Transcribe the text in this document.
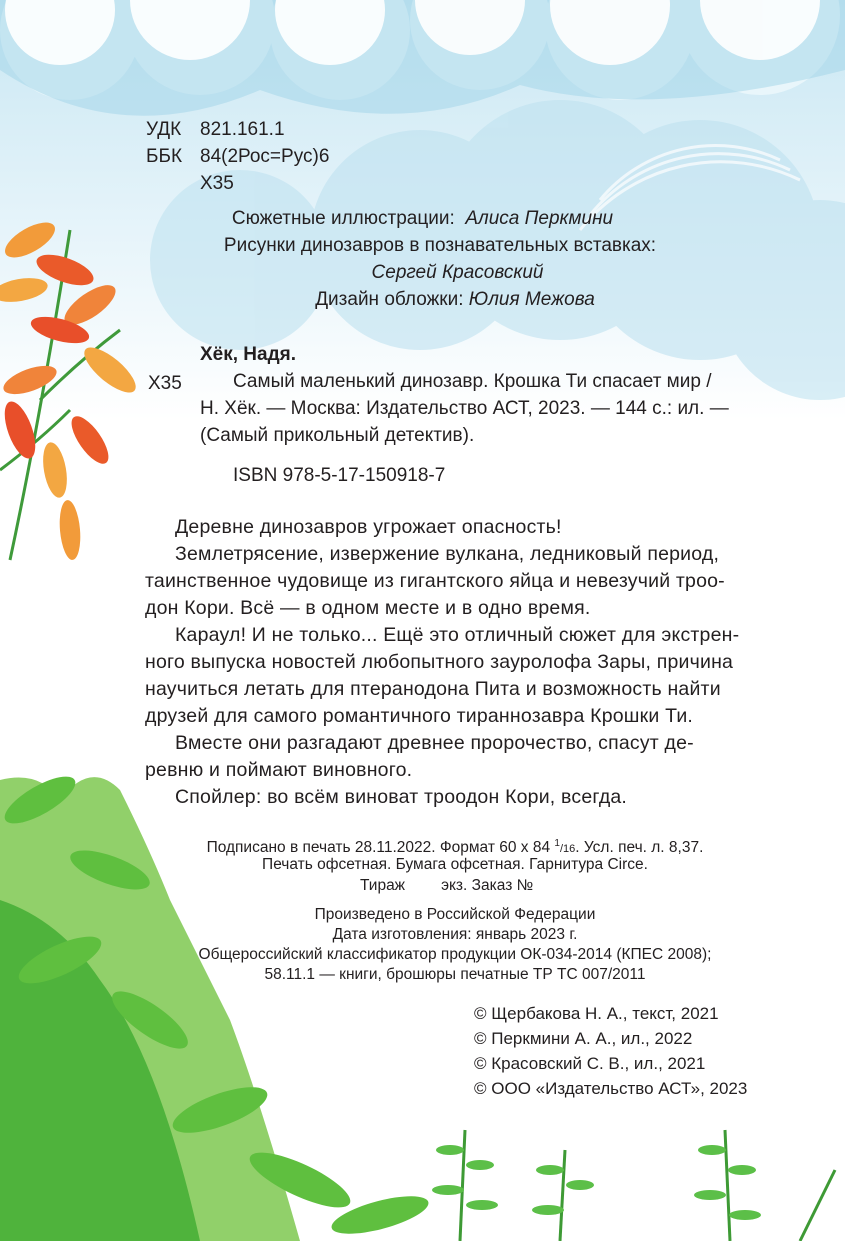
УДК 821.161.1
ББК 84(2Рос=Рус)6
Х35
Сюжетные иллюстрации: Алиса Перкмини
Рисунки динозавров в познавательных вставках:
Сергей Красовский
Дизайн обложки: Юлия Межова
Хёк, Надя.
Х35	Самый маленький динозавр. Крошка Ти спасает мир /
Н. Хёк. — Москва: Издательство АСТ, 2023. — 144 с.: ил. —
(Самый прикольный детектив).
ISBN 978-5-17-150918-7
Деревне динозавров угрожает опасность!
Землетрясение, извержение вулкана, ледниковый период,
таинственное чудовище из гигантского яйца и невезучий трoo-
дон Кори. Всё — в одном месте и в одно время.
Караул! И не только... Ещё это отличный сюжет для экстрен-
ного выпуска новостей любопытного зауролофа Зары, причина
научиться летать для птеранодона Пита и возможность найти
друзей для самого романтичного тираннозавра Крошки Ти.
Вместе они разгадают древнее пророчество, спасут де-
ревню и поймают виновного.
Спойлер: во всём виноват троодон Кори, всегда.
Подписано в печать 28.11.2022. Формат 60 x 84 $^1$/16. Усл. печ. л. 8,37.
Печать офсетная. Бумага офсетная. Гарнитура Circe.
Тираж экз. Заказ №
Произведено в Российской Федерации
Дата изготовления: январь 2023 г.
Общероссийский классификатор продукции ОК-034-2014 (КПЕС 2008);
58.11.1 — книги, брошюры печатные ТР ТС 007/2011
© Щербакова Н. А., текст, 2021
© Перкмини А. А., ил., 2022
© Красовский С. В., ил., 2021
© ООО «Издательство АСТ», 2023
